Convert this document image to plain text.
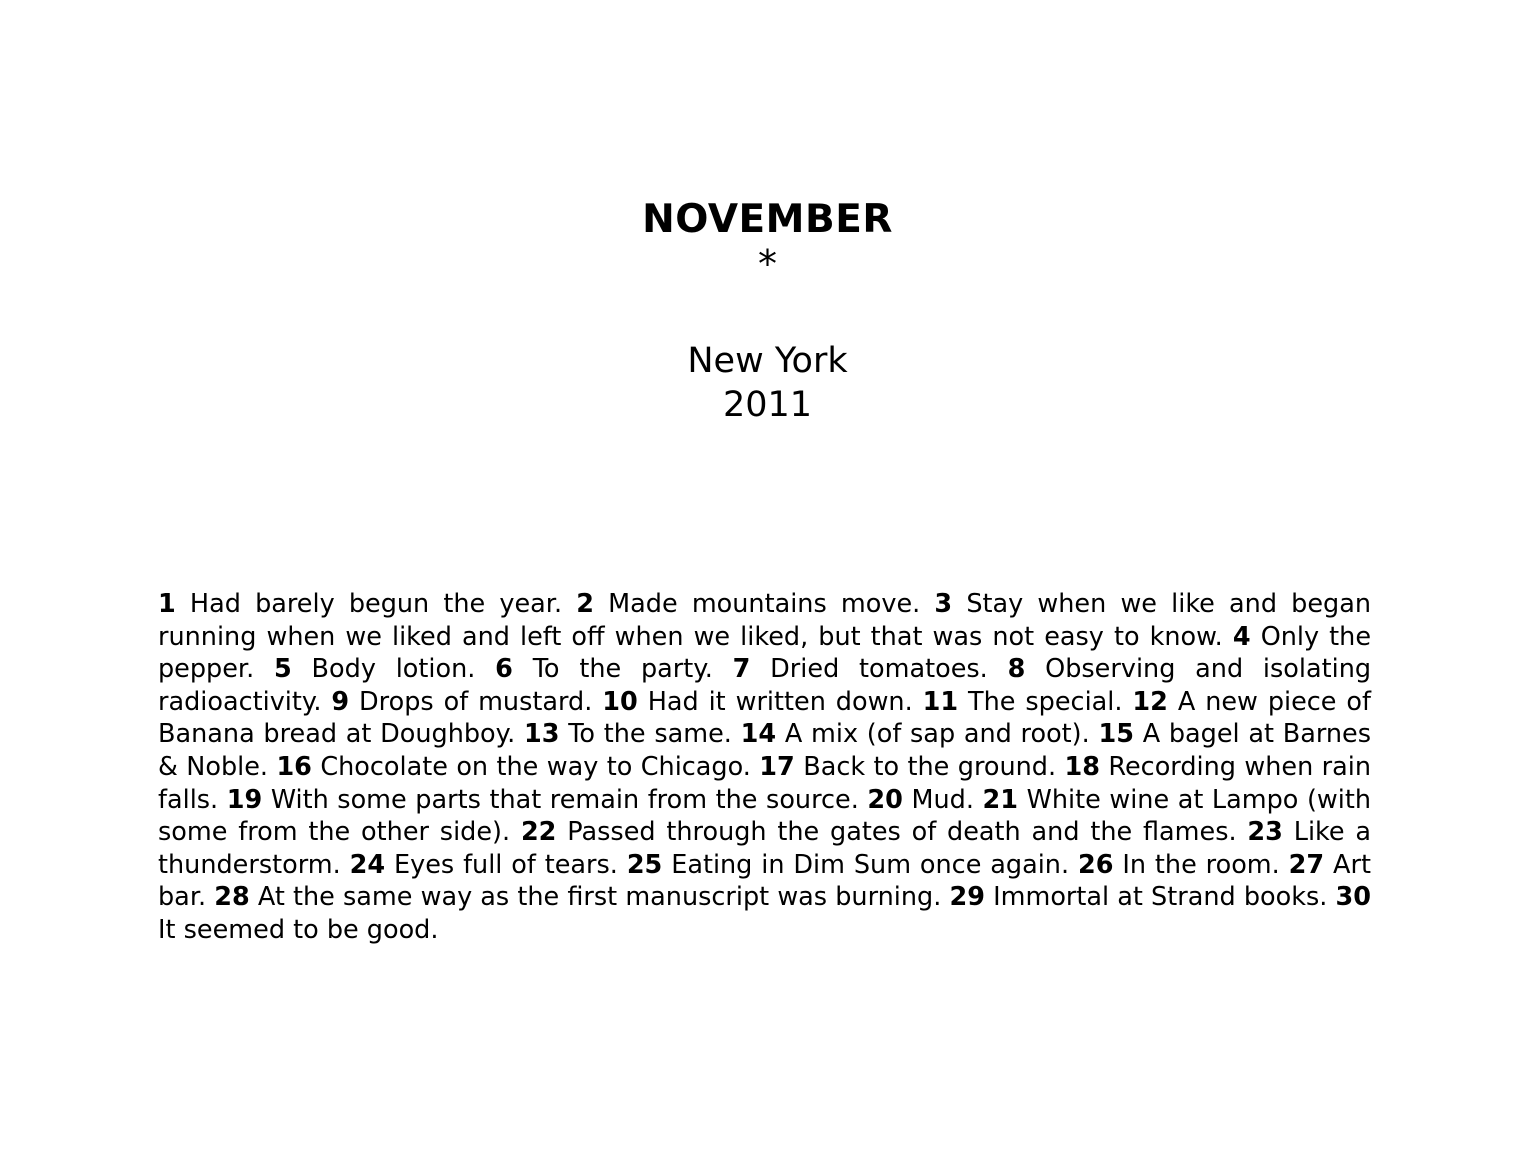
NOVEMBER
*
New York
2011
1 Had barely begun the year. 2 Made mountains move. 3 Stay when we like and began running when we liked and left off when we liked, but that was not easy to know. 4 Only the pepper. 5 Body lotion. 6 To the party. 7 Dried tomatoes. 8 Observing and isolating radioactivity. 9 Drops of mustard. 10 Had it written down. 11 The special. 12 A new piece of Banana bread at Doughboy. 13 To the same. 14 A mix (of sap and root). 15 A bagel at Barnes & Noble. 16 Chocolate on the way to Chicago. 17 Back to the ground. 18 Recording when rain falls. 19 With some parts that remain from the source. 20 Mud. 21 White wine at Lampo (with some from the other side). 22 Passed through the gates of death and the flames. 23 Like a thunderstorm. 24 Eyes full of tears. 25 Eating in Dim Sum once again. 26 In the room. 27 Art bar. 28 At the same way as the first manuscript was burning. 29 Immortal at Strand books. 30 It seemed to be good.
